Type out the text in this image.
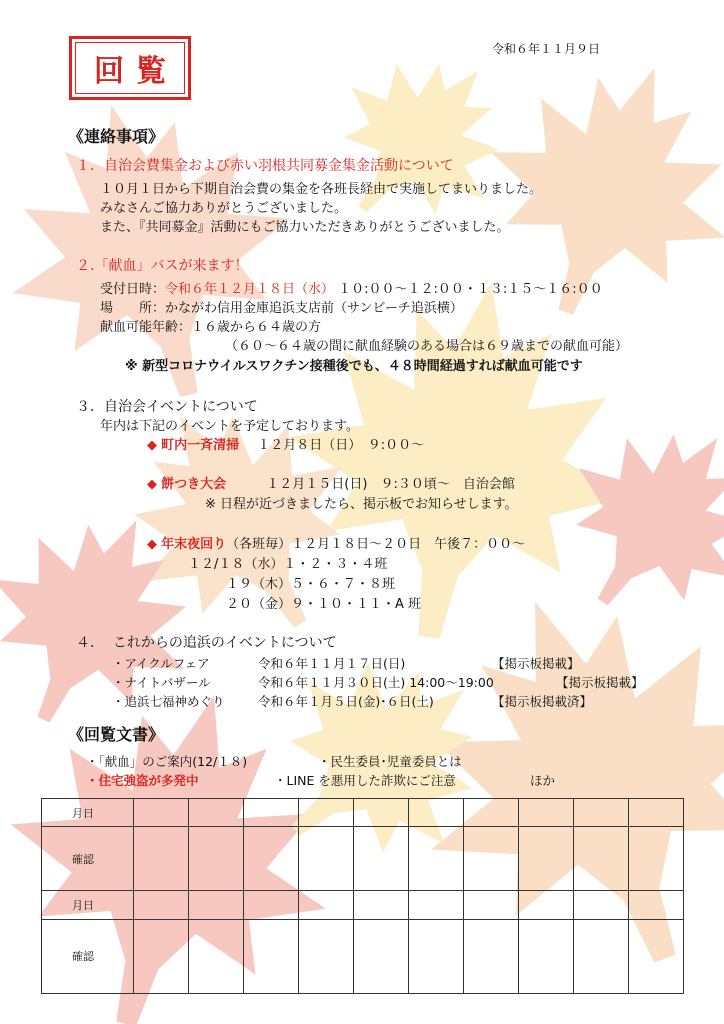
回覧
令和６年１１月９日
《連絡事項》
１．自治会費集金および赤い羽根共同募金集金活動について
１０月１日から下期自治会費の集金を各班長経由で実施してまいりました。
みなさんご協力ありがとうございました。
また、『共同募金』活動にもご協力いただきありがとうございました。
２.「献血」バスが来ます！
受付日時：令和６年１２月１８日（水） １０:００～１２:００・１３:１５～１６:００
場　　所：かながわ信用金庫追浜支店前（サンビーチ追浜横）
献血可能年齢：１６歳から６４歳の方
（６０～６４歳の間に献血経験のある場合は６９歳までの献血可能）
※ 新型コロナウイルスワクチン接種後でも、４８時間経過すれば献血可能です
３．自治会イベントについて
年内は下記のイベントを予定しております。
◆ 町内一斉清掃 １２月８日（日）　９:００～
◆ 餅つき大会	１２月１５日(日)　９:３０頃～　自治会館
※ 日程が近づきましたら、掲示板でお知らせします。
◆ 年末夜回り（各班毎）１２月１８日～２０日　午後７：００～
１２/１８（水）１・２・３・４班
１９（木）５・６・７・８班
２０（金）９・１０・１１・A 班
４.　 これからの追浜のイベントについて
・アイクルフェア	令和６年１１月１７日(日)	【掲示板掲載】
・ナイトバザール	令和６年１１月３０日(土) 14:00～19:00	【掲示板掲載】
・追浜七福神めぐり	令和６年１月５日(金)･６日(土)	【掲示板掲載済】
《回覧文書》
・「献血」のご案内(12/１８)	・民生委員･児童委員とは
・住宅強盗が多発中	・LINE を悪用した詐欺にご注意	ほか
月日										
確認										
月日										
確認										
